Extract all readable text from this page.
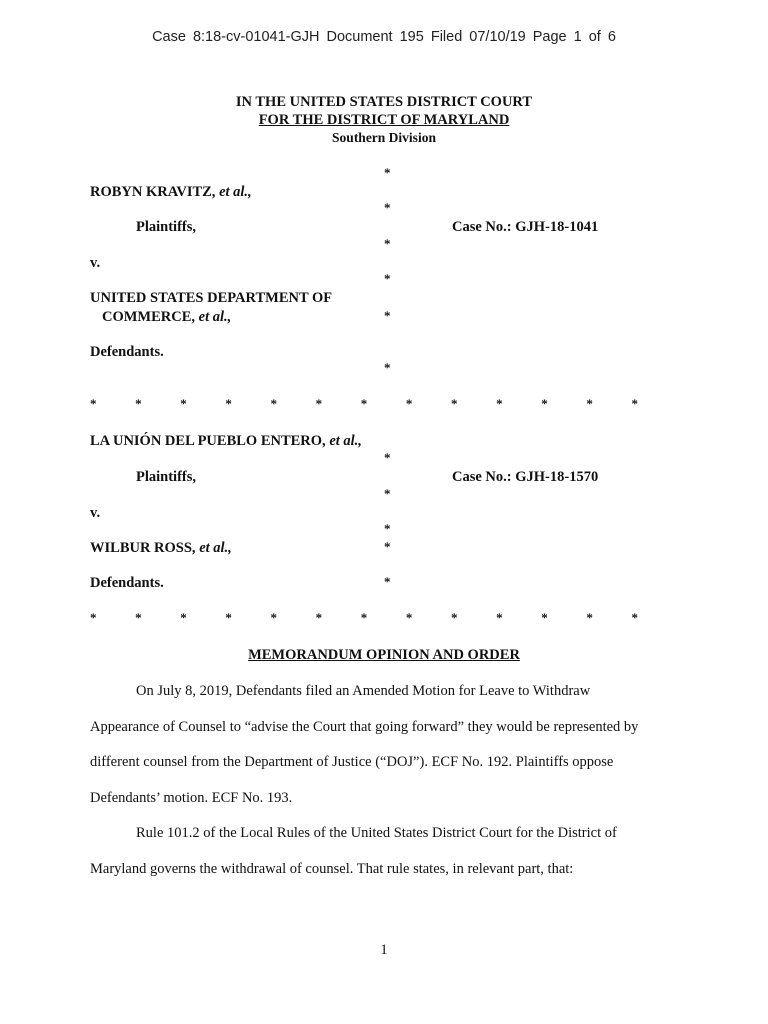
Case 8:18-cv-01041-GJH Document 195 Filed 07/10/19 Page 1 of 6
IN THE UNITED STATES DISTRICT COURT
FOR THE DISTRICT OF MARYLAND
Southern Division
*
ROBYN KRAVITZ, et al.,
*
Plaintiffs,	Case No.: GJH-18-1041
*
v.
*
UNITED STATES DEPARTMENT OF
COMMERCE, et al.,	*
Defendants.
*
*	*	*	*	*	*	*	*	*	*	*	*	*
LA UNIÓN DEL PUEBLO ENTERO, et al.,
*
Plaintiffs,	Case No.: GJH-18-1570
*
v.
*
*
WILBUR ROSS, et al.,
Defendants.	*
*	*	*	*	*	*	*	*	*	*	*	*	*
MEMORANDUM OPINION AND ORDER
On July 8, 2019, Defendants filed an Amended Motion for Leave to Withdraw
Appearance of Counsel to “advise the Court that going forward” they would be represented by
different counsel from the Department of Justice (“DOJ”). ECF No. 192. Plaintiffs oppose
Defendants’ motion. ECF No. 193.
Rule 101.2 of the Local Rules of the United States District Court for the District of
Maryland governs the withdrawal of counsel. That rule states, in relevant part, that:
1
